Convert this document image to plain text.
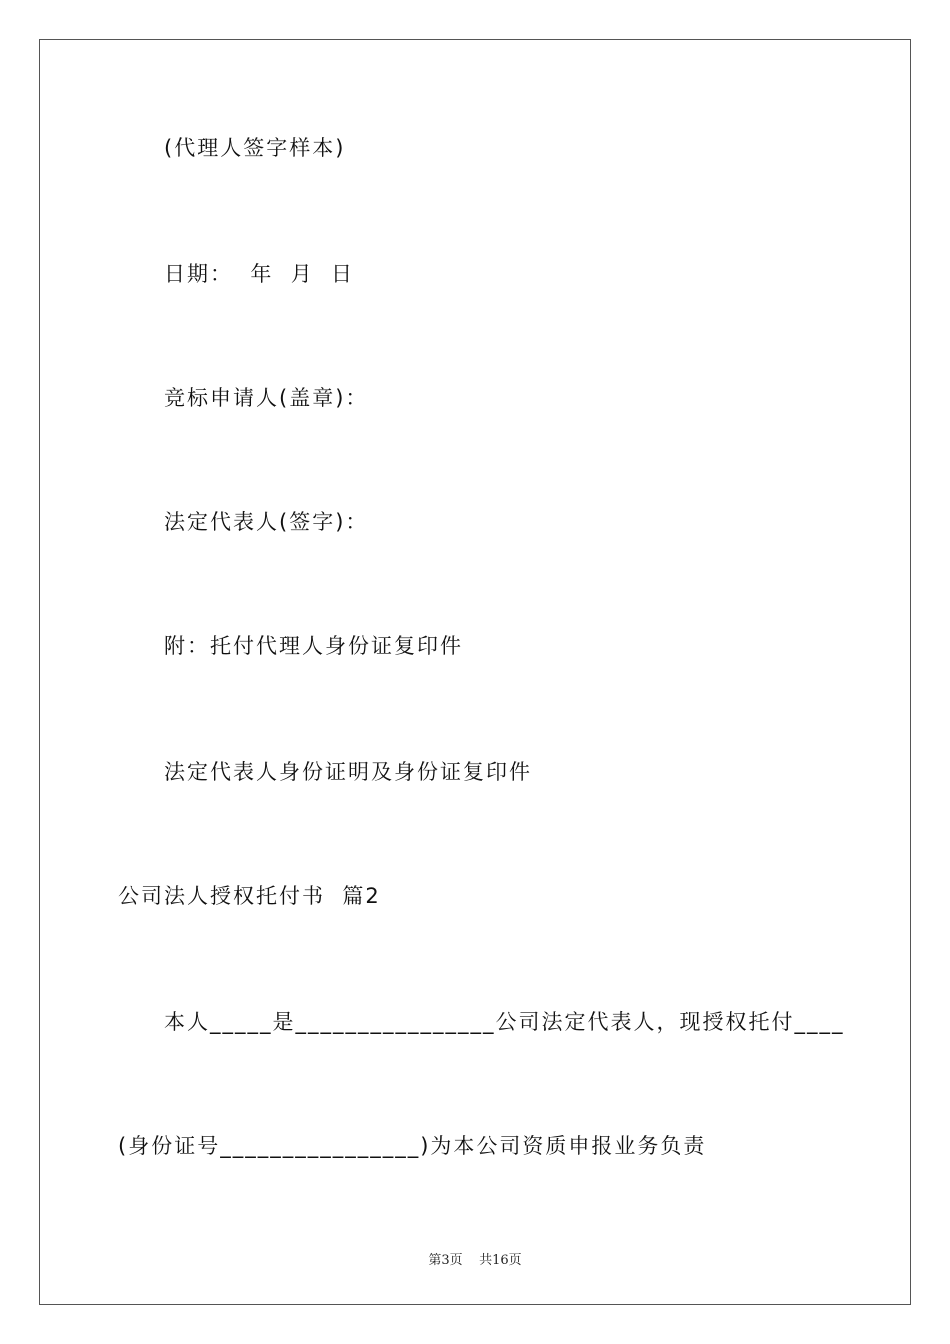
(代理人签字样本)
日期：  年  月  日
竞标申请人(盖章)：
法定代表人(签字)：
附：托付代理人身份证复印件
法定代表人身份证明及身份证复印件
公司法人授权托付书  篇2
本人_____是________________公司法定代表人，现授权托付____
(身份证号________________)为本公司资质申报业务负责
第3页    共16页
